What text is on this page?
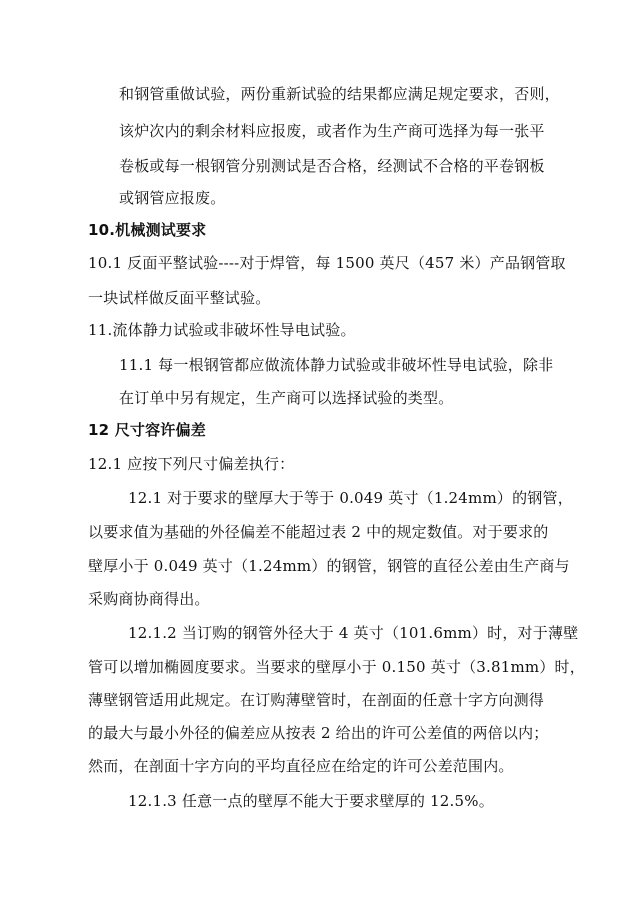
和钢管重做试验，两份重新试验的结果都应满足规定要求，否则，
该炉次内的剩余材料应报废，或者作为生产商可选择为每一张平
卷板或每一根钢管分别测试是否合格，经测试不合格的平卷钢板
或钢管应报废。
10.机械测试要求
10.1 反面平整试验----对于焊管，每 1500 英尺（457 米）产品钢管取
一块试样做反面平整试验。
11.流体静力试验或非破坏性导电试验。
11.1 每一根钢管都应做流体静力试验或非破坏性导电试验，除非
在订单中另有规定，生产商可以选择试验的类型。
12 尺寸容许偏差
12.1 应按下列尺寸偏差执行：
12.1 对于要求的壁厚大于等于 0.049 英寸（1.24mm）的钢管，
以要求值为基础的外径偏差不能超过表 2 中的规定数值。对于要求的
壁厚小于 0.049 英寸（1.24mm）的钢管，钢管的直径公差由生产商与
采购商协商得出。
12.1.2 当订购的钢管外径大于 4 英寸（101.6mm）时，对于薄壁
管可以增加椭圆度要求。当要求的壁厚小于 0.150 英寸（3.81mm）时，
薄壁钢管适用此规定。在订购薄壁管时，在剖面的任意十字方向测得
的最大与最小外径的偏差应从按表 2 给出的许可公差值的两倍以内；
然而，在剖面十字方向的平均直径应在给定的许可公差范围内。
12.1.3 任意一点的壁厚不能大于要求壁厚的 12.5%。
